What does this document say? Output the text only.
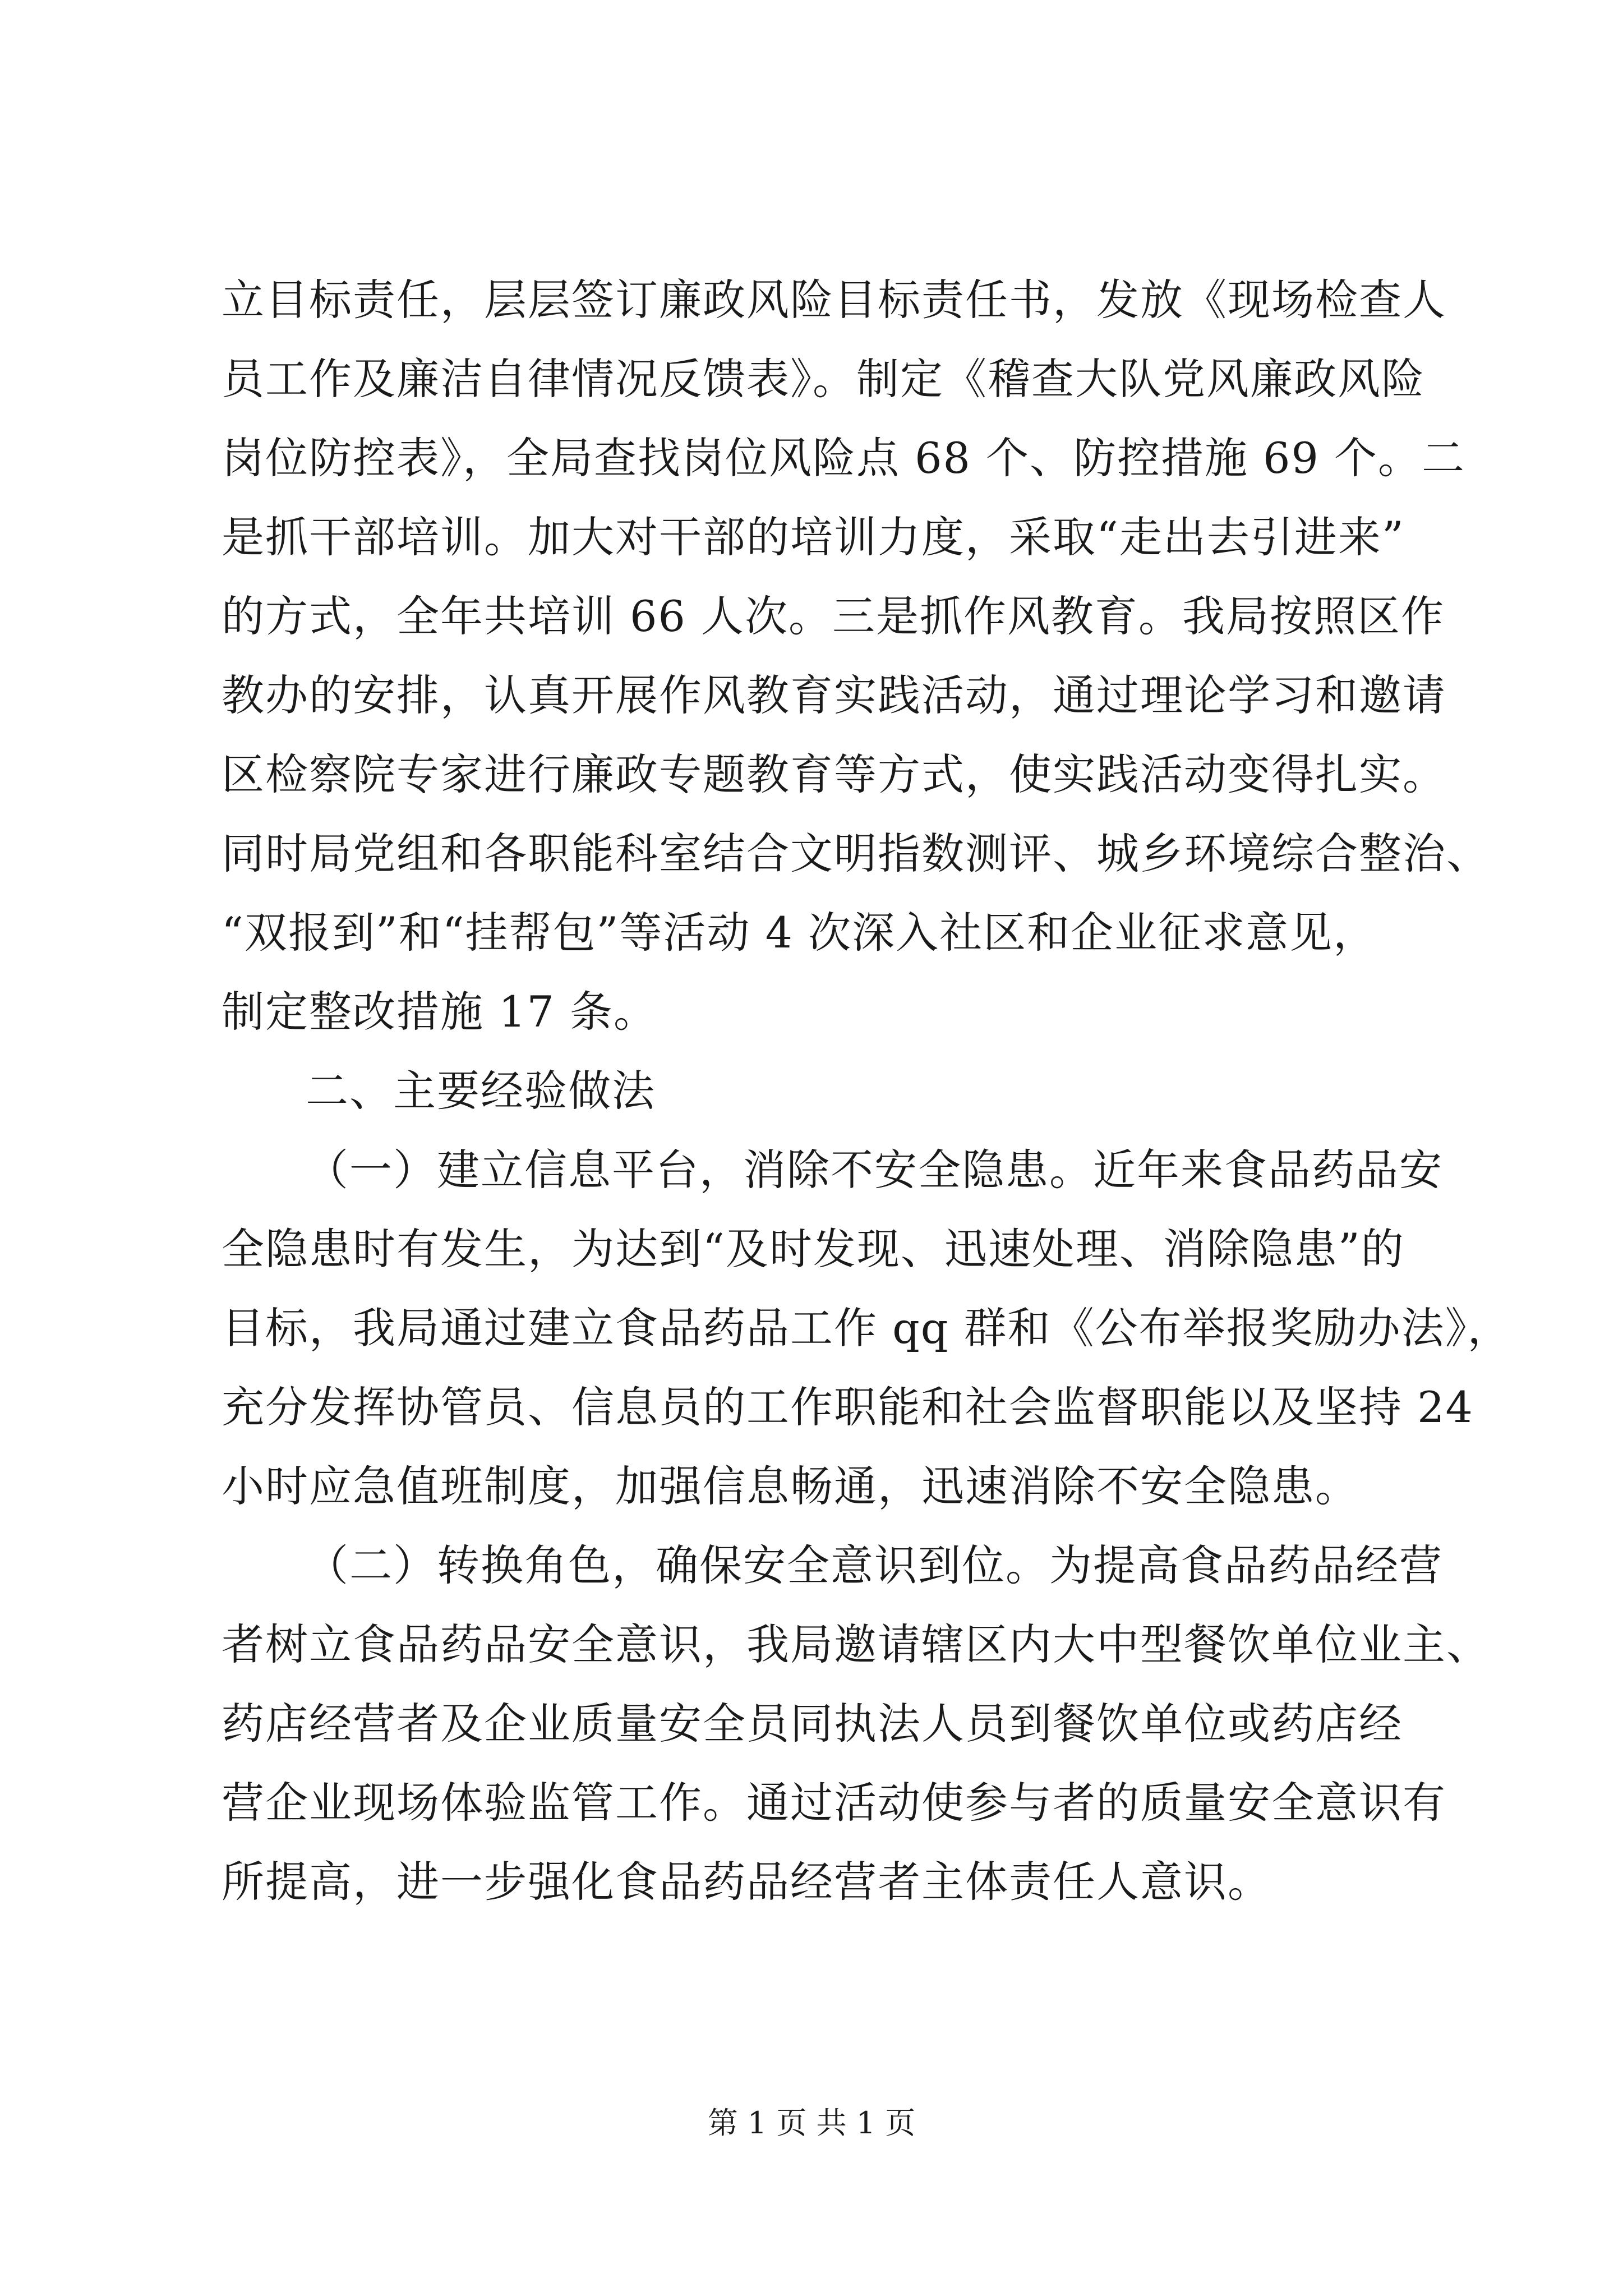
立目标责任，层层签订廉政风险目标责任书，发放《现场检查人
员工作及廉洁自律情况反馈表》。制定《稽查大队党风廉政风险
岗位防控表》，全局查找岗位风险点 68 个、防控措施 69 个。二
是抓干部培训。加大对干部的培训力度，采取“走出去引进来”
的方式，全年共培训 66 人次。三是抓作风教育。我局按照区作
教办的安排，认真开展作风教育实践活动，通过理论学习和邀请
区检察院专家进行廉政专题教育等方式，使实践活动变得扎实。
同时局党组和各职能科室结合文明指数测评、城乡环境综合整治、
“双报到”和“挂帮包”等活动 4 次深入社区和企业征求意见，
制定整改措施 17 条。
二、主要经验做法
（一）建立信息平台，消除不安全隐患。近年来食品药品安
全隐患时有发生，为达到“及时发现、迅速处理、消除隐患”的
目标，我局通过建立食品药品工作 qq 群和《公布举报奖励办法》，
充分发挥协管员、信息员的工作职能和社会监督职能以及坚持 24
小时应急值班制度，加强信息畅通，迅速消除不安全隐患。
（二）转换角色，确保安全意识到位。为提高食品药品经营
者树立食品药品安全意识，我局邀请辖区内大中型餐饮单位业主、
药店经营者及企业质量安全员同执法人员到餐饮单位或药店经
营企业现场体验监管工作。通过活动使参与者的质量安全意识有
所提高，进一步强化食品药品经营者主体责任人意识。
第 1 页 共 1 页
